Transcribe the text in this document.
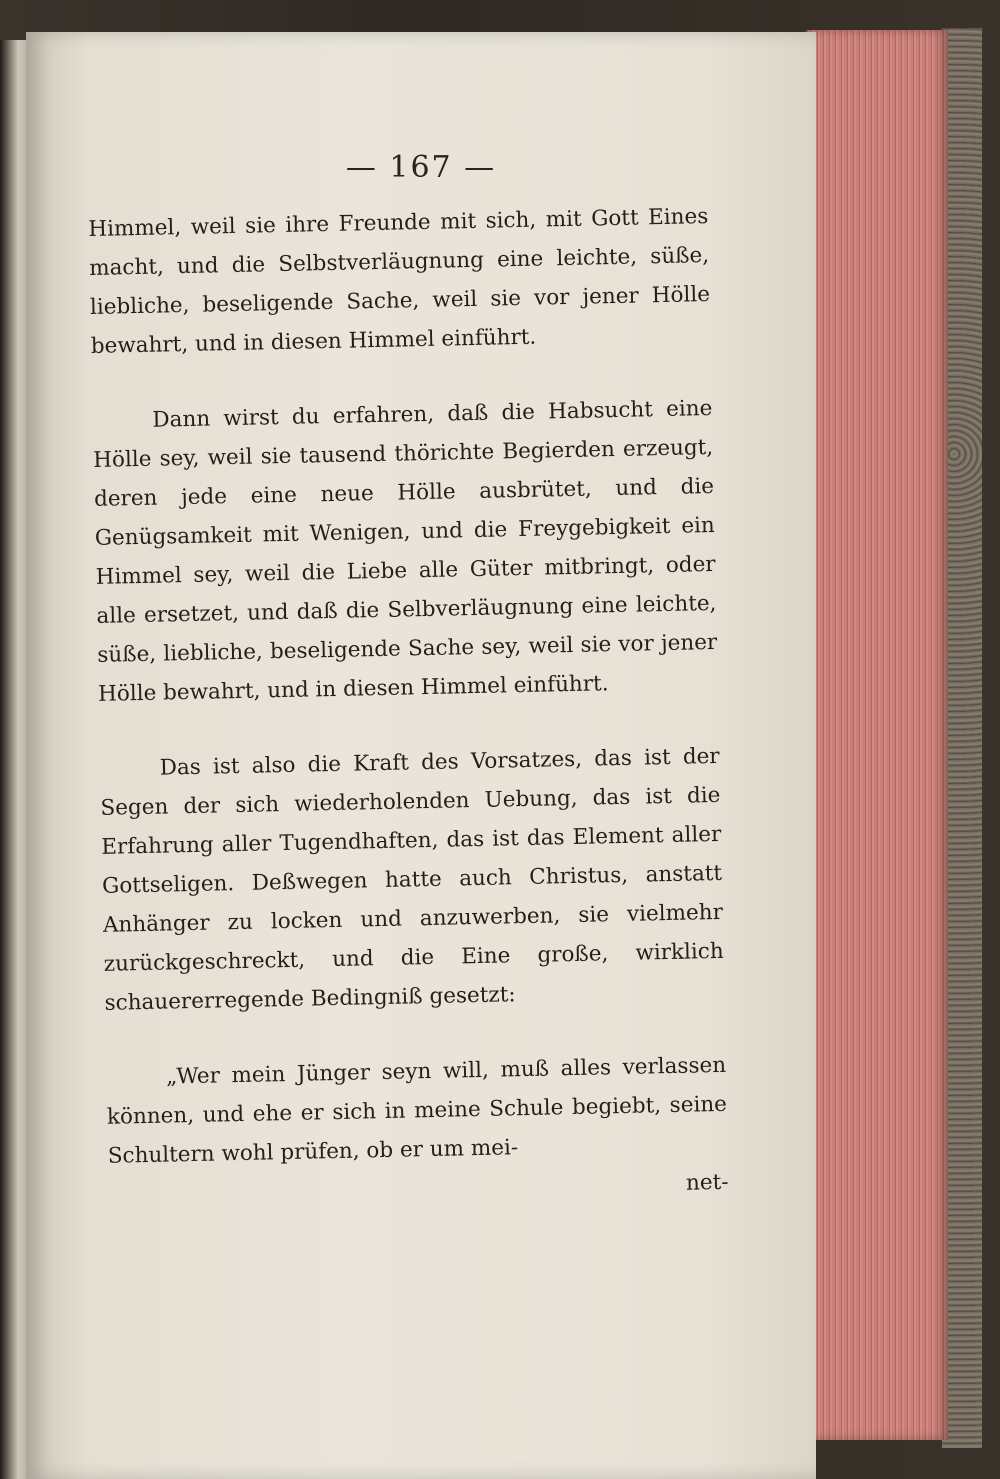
— 167 —

Himmel, weil sie ihre Freunde mit sich, mit Gott Eines macht, und die Selbstverläugnung eine leichte, süße, liebliche, beseligende Sache, weil sie vor jener Hölle bewahrt, und in diesen Himmel einführt.

Dann wirst du erfahren, daß die Habsucht eine Hölle sey, weil sie tausend thörichte Begierden erzeugt, deren jede eine neue Hölle ausbrütet, und die Genügsamkeit mit Wenigen, und die Freygebigkeit ein Himmel sey, weil die Liebe alle Güter mitbringt, oder alle ersetzet, und daß die Selbverläugnung eine leichte, süße, liebliche, beseligende Sache sey, weil sie vor jener Hölle bewahrt, und in diesen Himmel einführt.

Das ist also die Kraft des Vorsatzes, das ist der Segen der sich wiederholenden Uebung, das ist die Erfahrung aller Tugendhaften, das ist das Element aller Gottseligen. Deßwegen hatte auch Christus, anstatt Anhänger zu locken und anzuwerben, sie vielmehr zurückgeschreckt, und die Eine große, wirklich schauererregende Bedingniß gesetzt:

„Wer mein Jünger seyn will, muß alles verlassen können, und ehe er sich in meine Schule begiebt, seine Schultern wohl prüfen, ob er um mei-

net-
